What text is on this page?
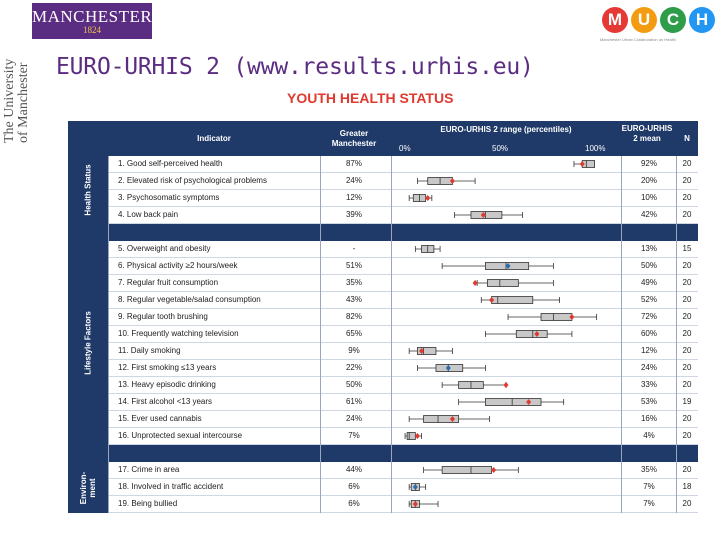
MANCHESTER
1824
The University
of Manchester
M U C H
Manchester Urban Collaboration on Health
EURO-URHIS 2 (www.results.urhis.eu)
YOUTH HEALTH STATUS
Indicator
Greater Manchester
EURO-URHIS 2 range (percentiles)
0%	50%	100%
EURO-URHIS 2 mean	N
Health Status
1. Good self-perceived health	87%	92%	20
2. Elevated risk of psychological problems	24%	20%	20
3. Psychosomatic symptoms	12%	10%	20
4. Low back pain	39%	42%	20
Lifestyle Factors
5. Overweight and obesity	-	13%	15
6. Physical activity ≥2 hours/week	51%	50%	20
7. Regular fruit consumption	35%	49%	20
8. Regular vegetable/salad consumption	43%	52%	20
9. Regular tooth brushing	82%	72%	20
10. Frequently watching television	65%	60%	20
11. Daily smoking	9%	12%	20
12. First smoking ≤13 years	22%	24%	20
13. Heavy episodic drinking	50%	33%	20
14. First alcohol <13 years	61%	53%	19
15. Ever used cannabis	24%	16%	20
16. Unprotected sexual intercourse	7%	4%	20
Environ-
ment
17. Crime in area	44%	35%	20
18. Involved in traffic accident	6%	7%	18
19. Being bullied	6%	7%	20
